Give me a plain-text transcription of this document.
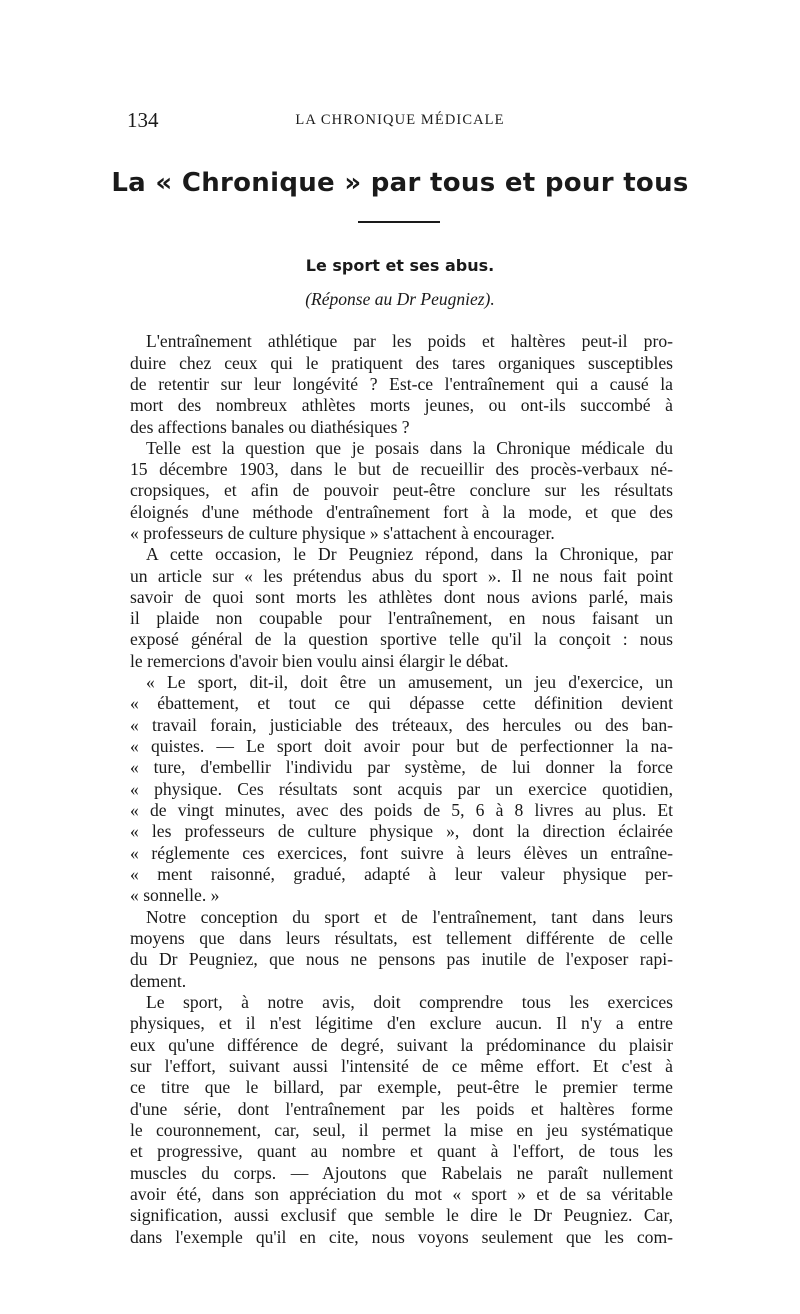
134	LA CHRONIQUE MÉDICALE
La « Chronique » par tous et pour tous
Le sport et ses abus.
(Réponse au Dr Peugniez).
L'entraînement athlétique par les poids et haltères peut-il pro-
duire chez ceux qui le pratiquent des tares organiques susceptibles
de retentir sur leur longévité ? Est-ce l'entraînement qui a causé la
mort des nombreux athlètes morts jeunes, ou ont-ils succombé à
des affections banales ou diathésiques ?
Telle est la question que je posais dans la Chronique médicale du
15 décembre 1903, dans le but de recueillir des procès-verbaux né-
cropsiques, et afin de pouvoir peut-être conclure sur les résultats
éloignés d'une méthode d'entraînement fort à la mode, et que des
« professeurs de culture physique » s'attachent à encourager.
A cette occasion, le Dr Peugniez répond, dans la Chronique, par
un article sur « les prétendus abus du sport ». Il ne nous fait point
savoir de quoi sont morts les athlètes dont nous avions parlé, mais
il plaide non coupable pour l'entraînement, en nous faisant un
exposé général de la question sportive telle qu'il la conçoit : nous
le remercions d'avoir bien voulu ainsi élargir le débat.
« Le sport, dit-il, doit être un amusement, un jeu d'exercice, un
« ébattement, et tout ce qui dépasse cette définition devient
« travail forain, justiciable des tréteaux, des hercules ou des ban-
« quistes. — Le sport doit avoir pour but de perfectionner la na-
« ture, d'embellir l'individu par système, de lui donner la force
« physique. Ces résultats sont acquis par un exercice quotidien,
« de vingt minutes, avec des poids de 5, 6 à 8 livres au plus. Et
« les professeurs de culture physique », dont la direction éclairée
« réglemente ces exercices, font suivre à leurs élèves un entraîne-
« ment raisonné, gradué, adapté à leur valeur physique per-
« sonnelle. »
Notre conception du sport et de l'entraînement, tant dans leurs
moyens que dans leurs résultats, est tellement différente de celle
du Dr Peugniez, que nous ne pensons pas inutile de l'exposer rapi-
dement.
Le sport, à notre avis, doit comprendre tous les exercices
physiques, et il n'est légitime d'en exclure aucun. Il n'y a entre
eux qu'une différence de degré, suivant la prédominance du plaisir
sur l'effort, suivant aussi l'intensité de ce même effort. Et c'est à
ce titre que le billard, par exemple, peut-être le premier terme
d'une série, dont l'entraînement par les poids et haltères forme
le couronnement, car, seul, il permet la mise en jeu systématique
et progressive, quant au nombre et quant à l'effort, de tous les
muscles du corps. — Ajoutons que Rabelais ne paraît nullement
avoir été, dans son appréciation du mot « sport » et de sa véritable
signification, aussi exclusif que semble le dire le Dr Peugniez. Car,
dans l'exemple qu'il en cite, nous voyons seulement que les com-
